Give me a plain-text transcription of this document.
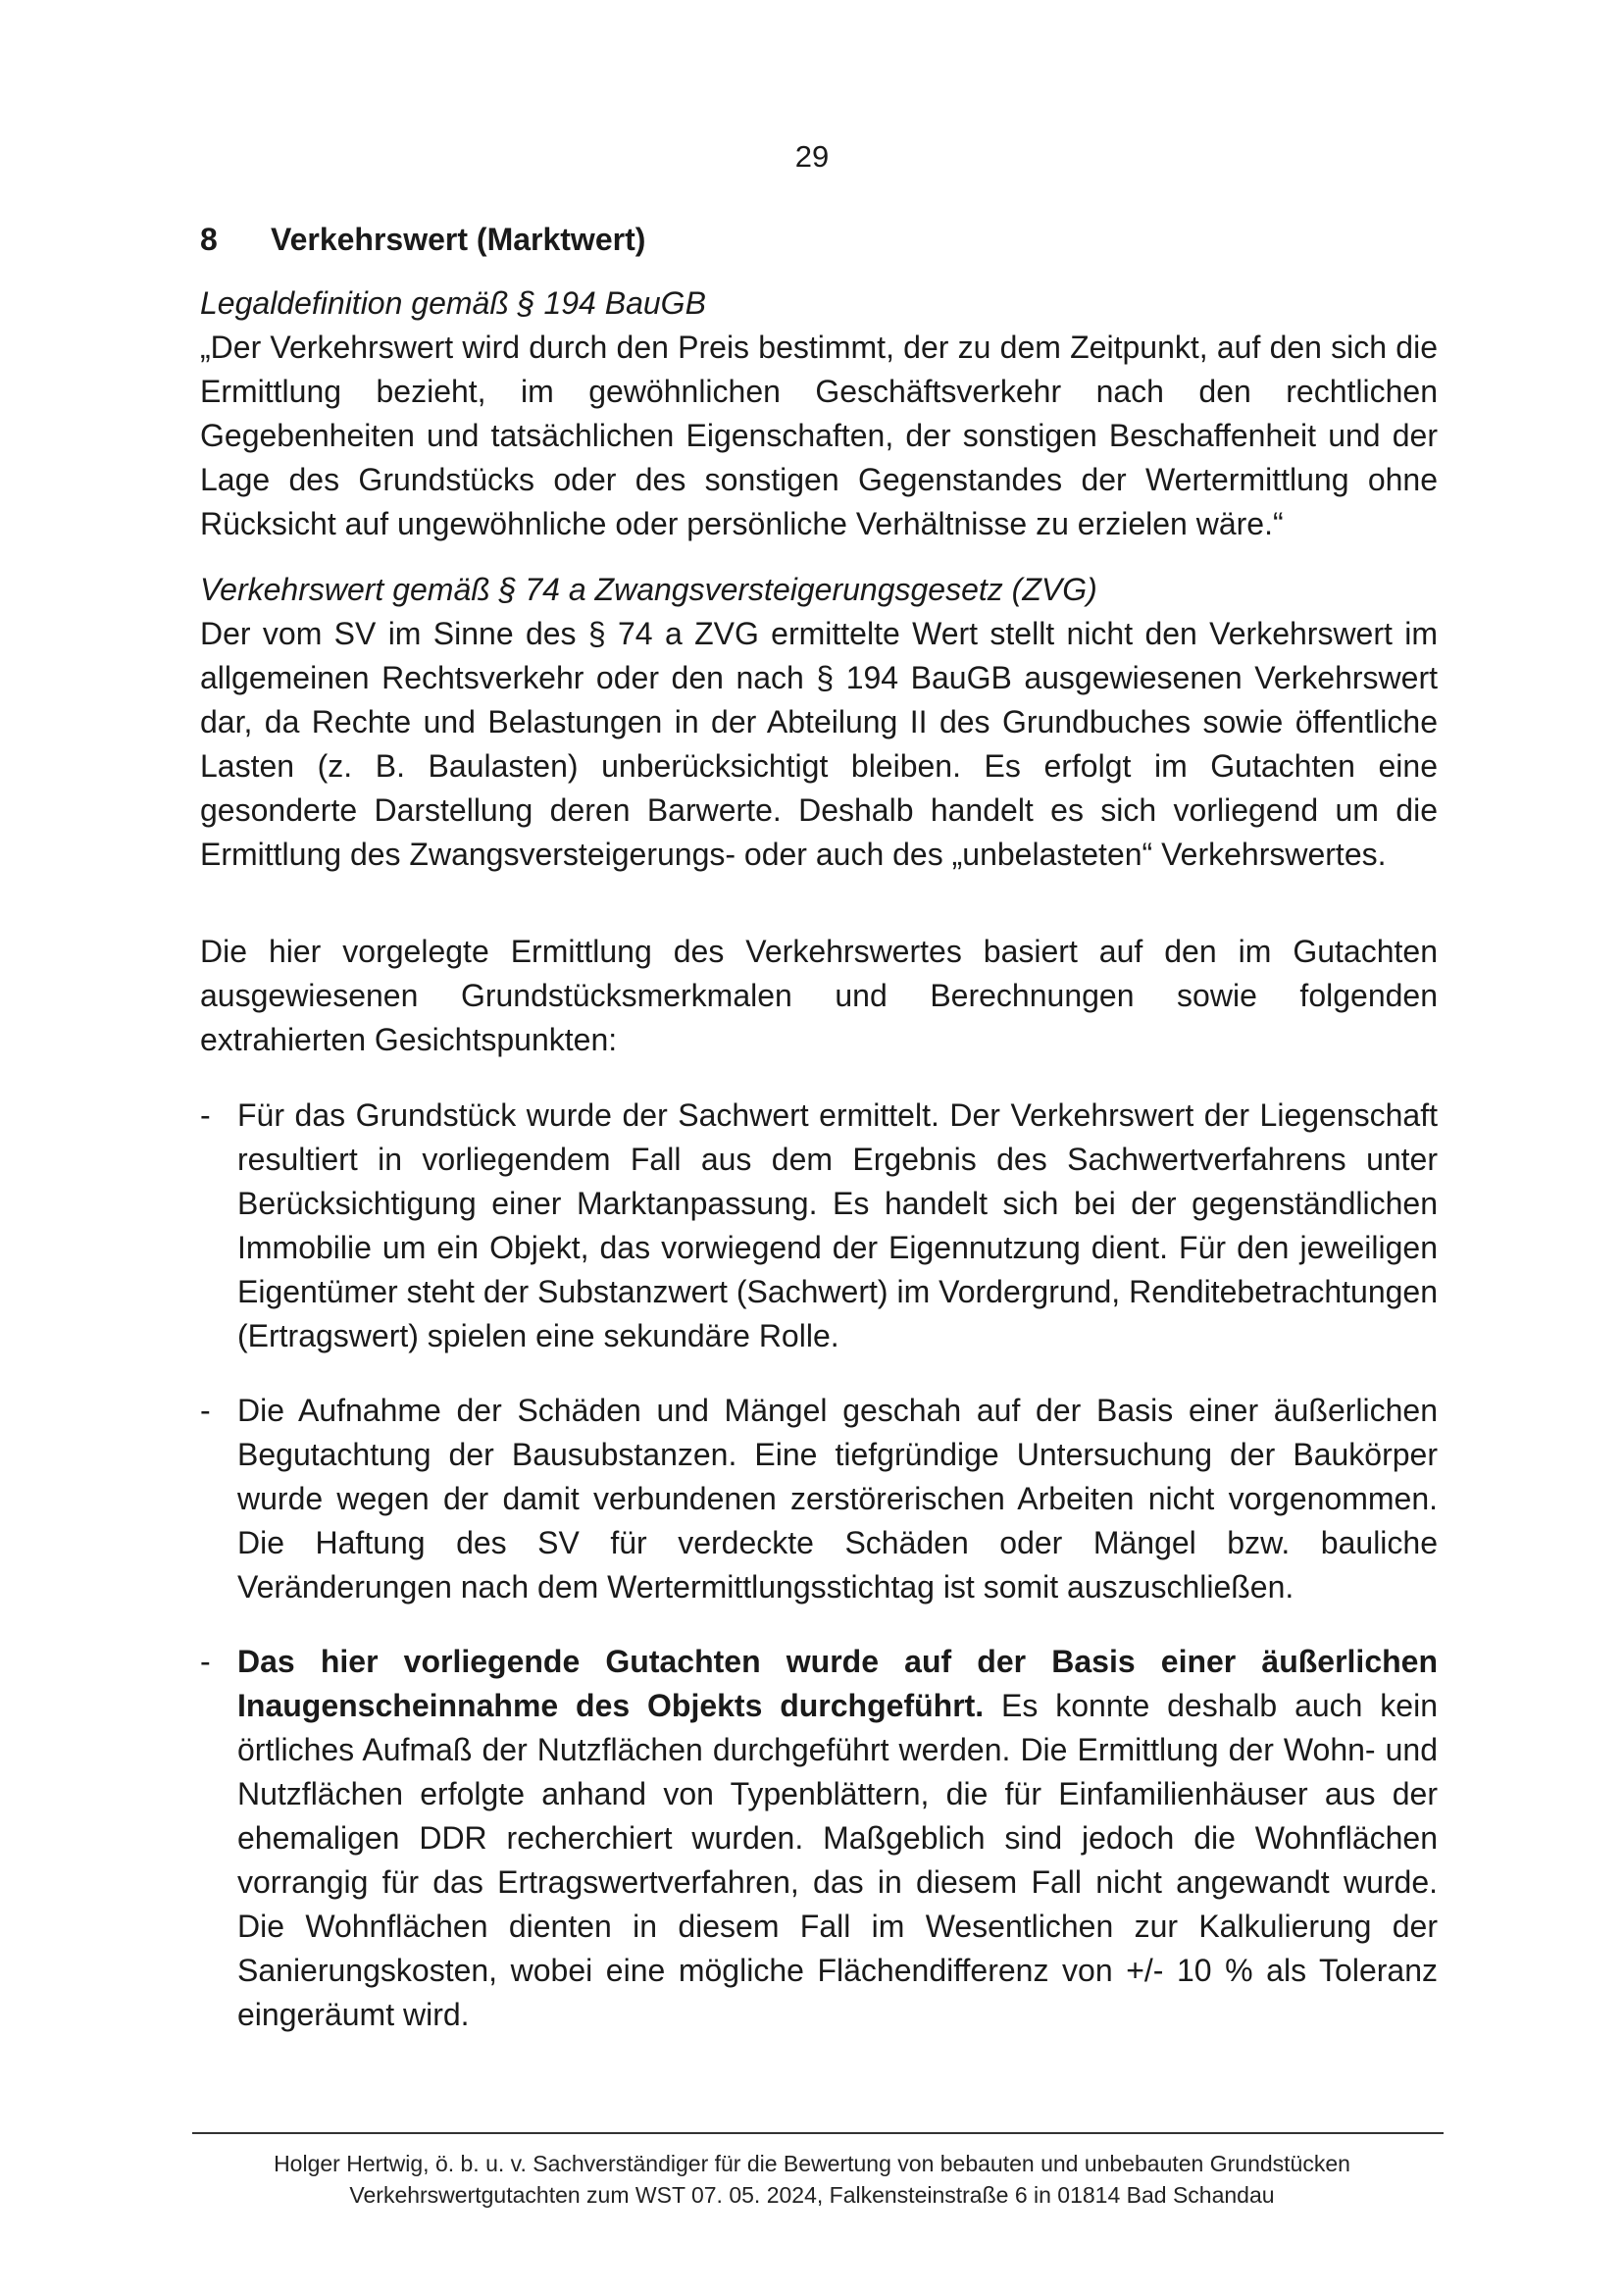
29
8	Verkehrswert (Marktwert)

Legaldefinition gemäß § 194 BauGB

„Der Verkehrswert wird durch den Preis bestimmt, der zu dem Zeitpunkt, auf den sich die Ermittlung bezieht, im gewöhnlichen Geschäftsverkehr nach den rechtlichen Gegebenheiten und tatsächlichen Eigenschaften, der sonstigen Beschaffenheit und der Lage des Grundstücks oder des sonstigen Gegenstandes der Wertermittlung ohne Rücksicht auf ungewöhnliche oder persönliche Verhältnisse zu erzielen wäre.“

Verkehrswert gemäß § 74 a Zwangsversteigerungsgesetz (ZVG)

Der vom SV im Sinne des § 74 a ZVG ermittelte Wert stellt nicht den Verkehrswert im allgemeinen Rechtsverkehr oder den nach § 194 BauGB ausgewiesenen Verkehrswert dar, da Rechte und Belastungen in der Abteilung II des Grundbuches sowie öffentliche Lasten (z. B. Baulasten) unberücksichtigt bleiben. Es erfolgt im Gutachten eine gesonderte Darstellung deren Barwerte. Deshalb handelt es sich vorliegend um die Ermittlung des Zwangsversteigerungs- oder auch des „unbelasteten“ Verkehrswertes.

Die hier vorgelegte Ermittlung des Verkehrswertes basiert auf den im Gutachten ausgewiesenen Grundstücksmerkmalen und Berechnungen sowie folgenden extrahierten Gesichtspunkten:

- Für das Grundstück wurde der Sachwert ermittelt. Der Verkehrswert der Liegenschaft resultiert in vorliegendem Fall aus dem Ergebnis des Sachwertverfahrens unter Berücksichtigung einer Marktanpassung. Es handelt sich bei der gegenständlichen Immobilie um ein Objekt, das vorwiegend der Eigennutzung dient. Für den jeweiligen Eigentümer steht der Substanzwert (Sachwert) im Vordergrund, Renditebetrachtungen (Ertragswert) spielen eine sekundäre Rolle.
- Die Aufnahme der Schäden und Mängel geschah auf der Basis einer äußerlichen Begutachtung der Bausubstanzen. Eine tiefgründige Untersuchung der Baukörper wurde wegen der damit verbundenen zerstörerischen Arbeiten nicht vorgenommen. Die Haftung des SV für verdeckte Schäden oder Mängel bzw. bauliche Veränderungen nach dem Wertermittlungsstichtag ist somit auszuschließen.
- Das hier vorliegende Gutachten wurde auf der Basis einer äußerlichen Inaugenscheinnahme des Objekts durchgeführt. Es konnte deshalb auch kein örtliches Aufmaß der Nutzflächen durchgeführt werden. Die Ermittlung der Wohn- und Nutzflächen erfolgte anhand von Typenblättern, die für Einfamilienhäuser aus der ehemaligen DDR recherchiert wurden. Maßgeblich sind jedoch die Wohnflächen vorrangig für das Ertragswertverfahren, das in diesem Fall nicht angewandt wurde. Die Wohnflächen dienten in diesem Fall im Wesentlichen zur Kalkulierung der Sanierungskosten, wobei eine mögliche Flächendifferenz von +/- 10 % als Toleranz eingeräumt wird.
Holger Hertwig, ö. b. u. v. Sachverständiger für die Bewertung von bebauten und unbebauten Grundstücken
Verkehrswertgutachten zum WST 07. 05. 2024, Falkensteinstraße 6 in 01814 Bad Schandau
